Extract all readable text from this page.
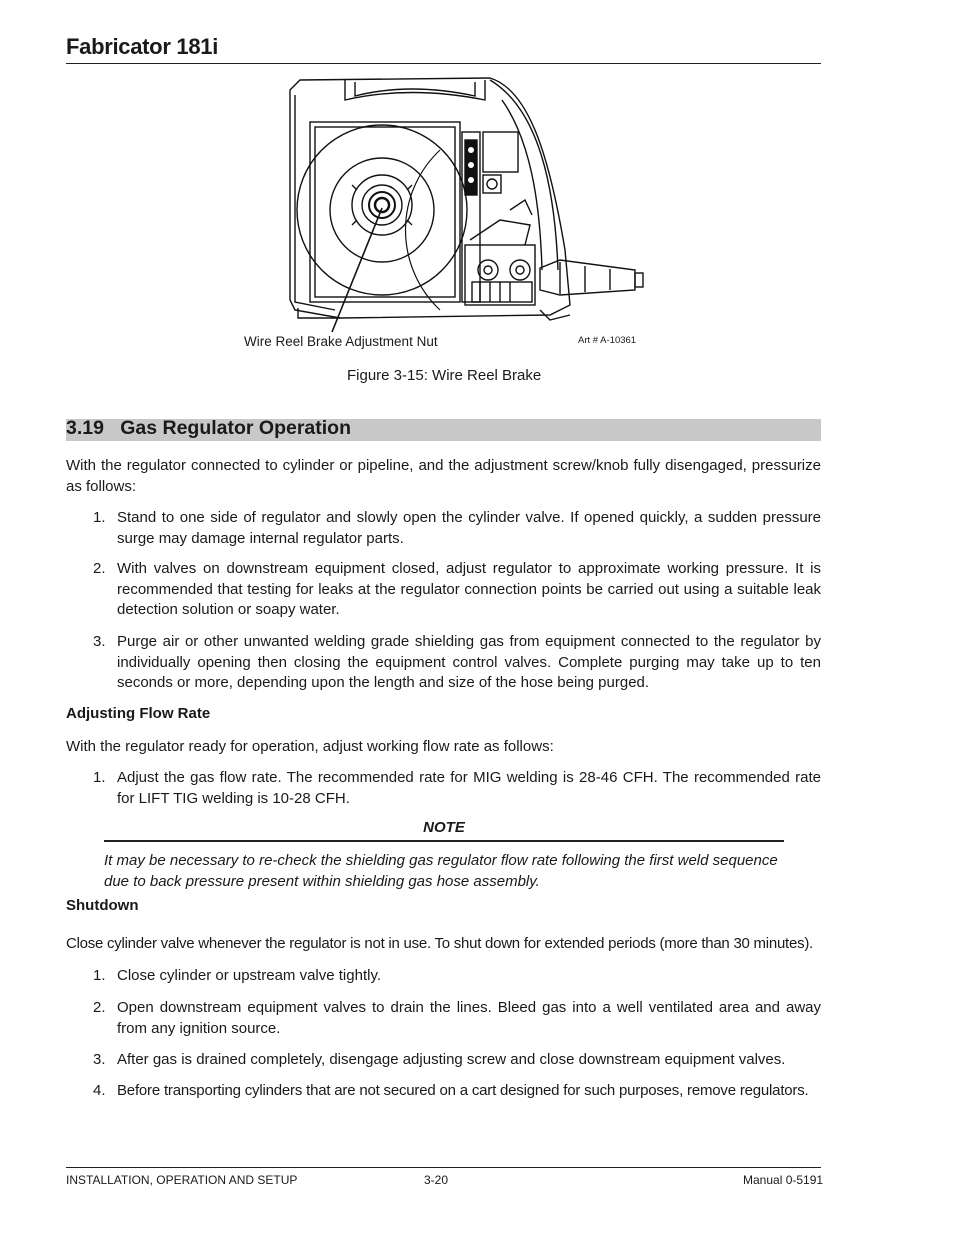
Fabricator 181i
Wire Reel Brake Adjustment Nut	Art # A-10361
Figure 3-15: Wire Reel Brake
3.19   Gas Regulator Operation
With the regulator connected to cylinder or pipeline, and the adjustment screw/knob fully disengaged, pressurize as follows:
1. Stand to one side of regulator and slowly open the cylinder valve. If opened quickly, a sudden pressure surge may damage internal regulator parts.
2. With valves on downstream equipment closed, adjust regulator to approximate working pressure. It is recommended that testing for leaks at the regulator connection points be carried out using a suitable leak detection solution or soapy water.
3. Purge air or other unwanted welding grade shielding gas from equipment connected to the regulator by individually opening then closing the equipment control valves. Complete purging may take up to ten seconds or more, depending upon the length and size of the hose being purged.
Adjusting Flow Rate
With the regulator ready for operation, adjust working flow rate as follows:
1. Adjust the gas flow rate. The recommended rate for MIG welding is 28-46 CFH. The recommended rate for LIFT TIG welding is 10-28 CFH.
NOTE
It may be necessary to re-check the shielding gas regulator flow rate following the first weld sequence due to back pressure present within shielding gas hose assembly.
Shutdown
Close cylinder valve whenever the regulator is not in use. To shut down for extended periods (more than 30 minutes).
1. Close cylinder or upstream valve tightly.
2. Open downstream equipment valves to drain the lines. Bleed gas into a well ventilated area and away from any ignition source.
3. After gas is drained completely, disengage adjusting screw and close downstream equipment valves.
4. Before transporting cylinders that are not secured on a cart designed for such purposes, remove regulators.
INSTALLATION, OPERATION AND SETUP	3-20	Manual 0-5191
